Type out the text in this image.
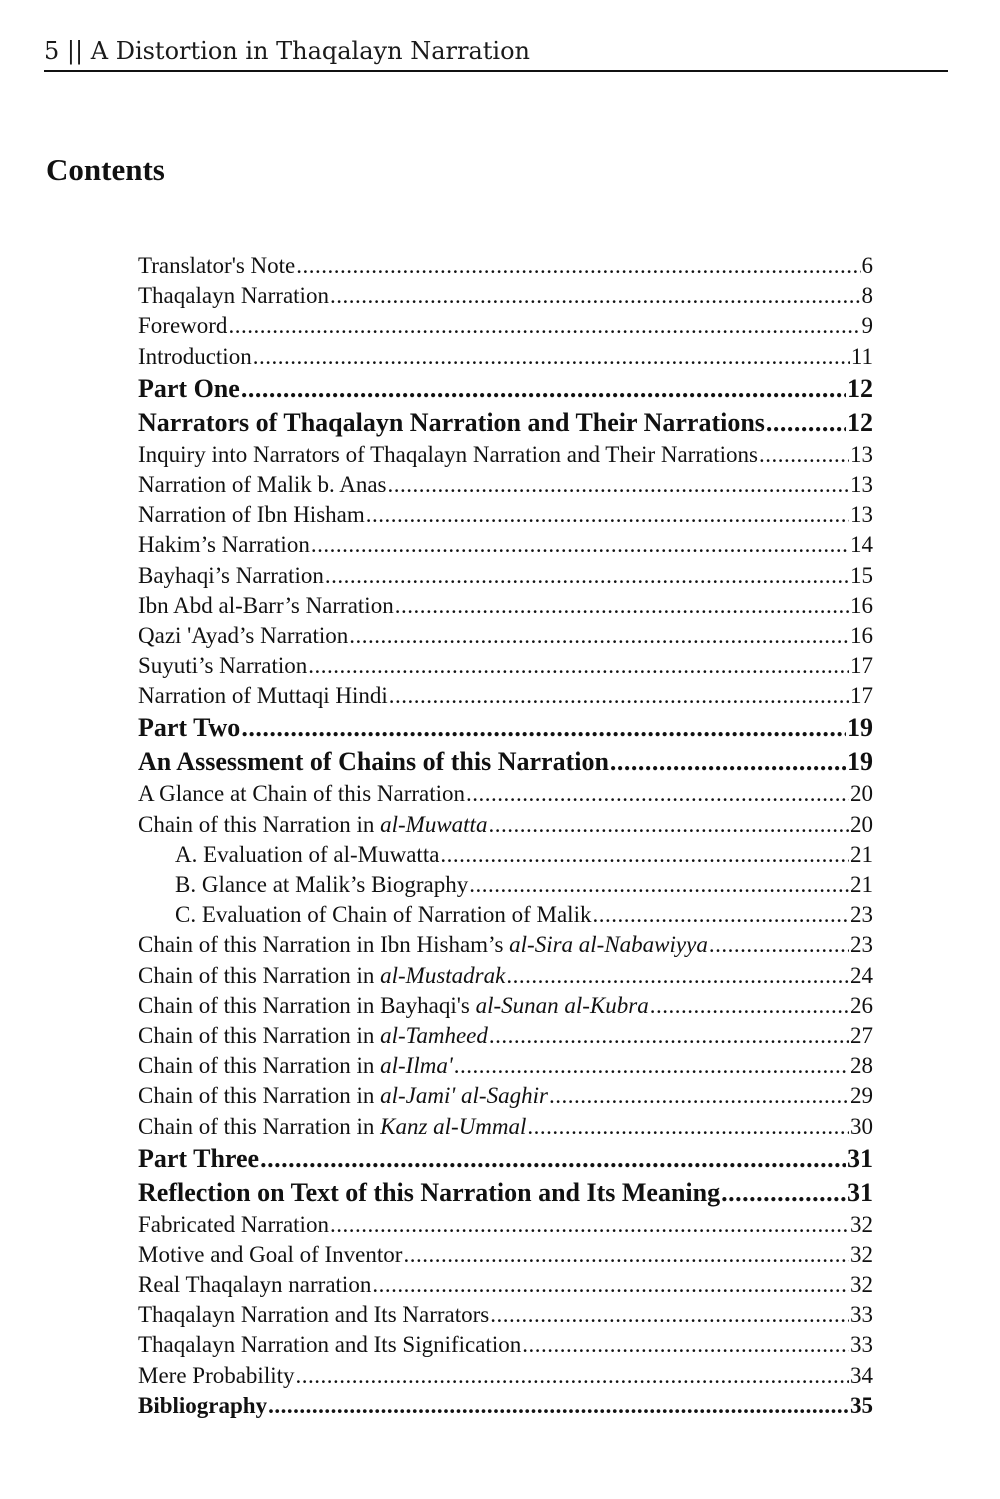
5 || A Distortion in Thaqalayn Narration
Contents
Translator's Note .....	6
Thaqalayn Narration .....	8
Foreword .....	9
Introduction .....	11
Part One .....	12
Narrators of Thaqalayn Narration and Their Narrations .....	12
Inquiry into Narrators of Thaqalayn Narration and Their Narrations .....	13
Narration of Malik b. Anas .....	13
Narration of Ibn Hisham .....	13
Hakim’s Narration .....	14
Bayhaqi’s Narration .....	15
Ibn Abd al-Barr’s Narration .....	16
Qazi 'Ayad’s Narration .....	16
Suyuti’s Narration .....	17
Narration of Muttaqi Hindi .....	17
Part Two .....	19
An Assessment of Chains of this Narration .....	19
A Glance at Chain of this Narration .....	20
Chain of this Narration in al-Muwatta .....	20
A. Evaluation of al-Muwatta .....	21
B. Glance at Malik’s Biography .....	21
C. Evaluation of Chain of Narration of Malik .....	23
Chain of this Narration in Ibn Hisham’s al-Sira al-Nabawiyya .....	23
Chain of this Narration in al-Mustadrak .....	24
Chain of this Narration in Bayhaqi's al-Sunan al-Kubra .....	26
Chain of this Narration in al-Tamheed .....	27
Chain of this Narration in al-Ilma' .....	28
Chain of this Narration in al-Jami' al-Saghir .....	29
Chain of this Narration in Kanz al-Ummal .....	30
Part Three .....	31
Reflection on Text of this Narration and Its Meaning .....	31
Fabricated Narration .....	32
Motive and Goal of Inventor .....	32
Real Thaqalayn narration .....	32
Thaqalayn Narration and Its Narrators .....	33
Thaqalayn Narration and Its Signification .....	33
Mere Probability .....	34
Bibliography .....	35
